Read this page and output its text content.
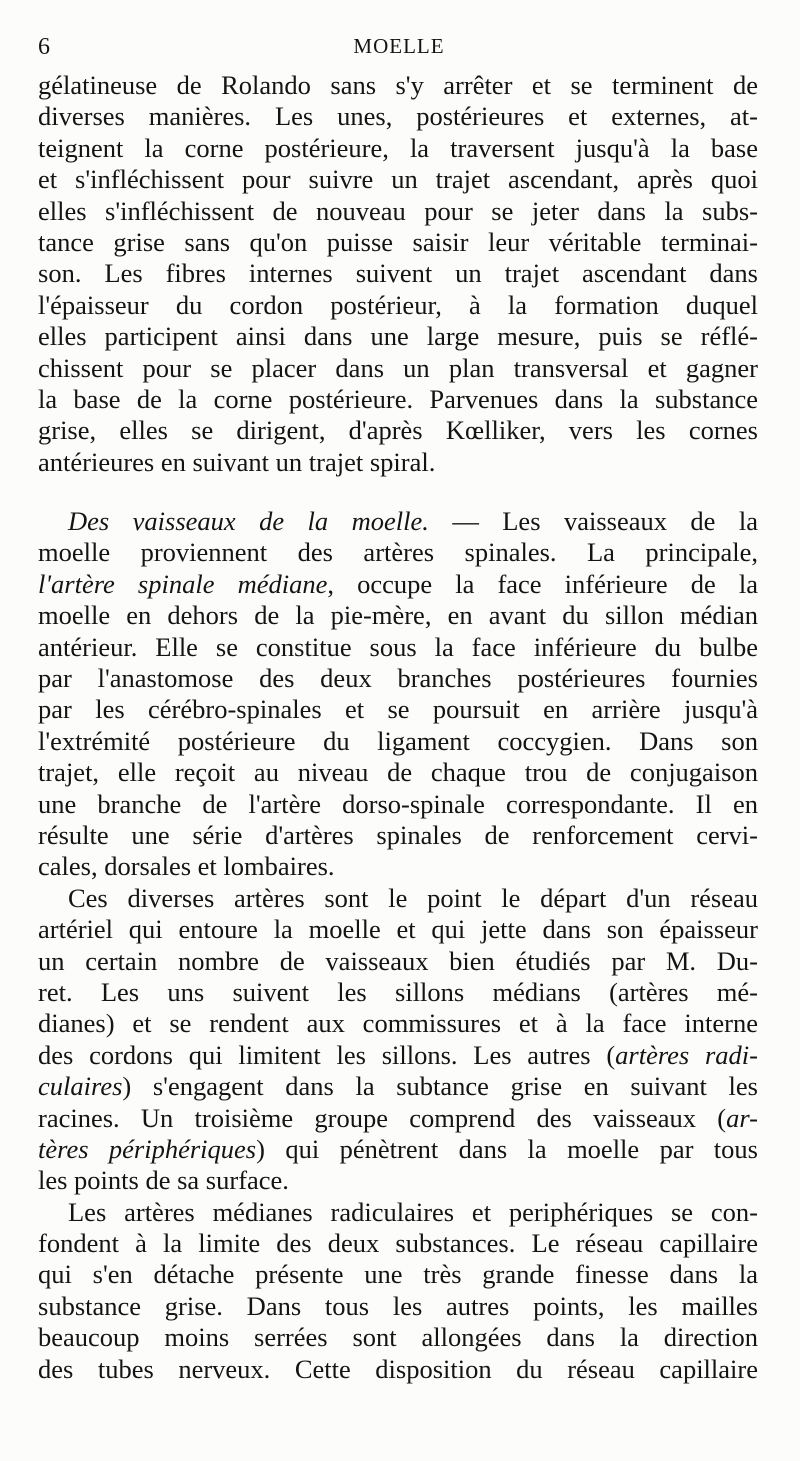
6	MOELLE
gélatineuse de Rolando sans s'y arrêter et se terminent de
diverses manières. Les unes, postérieures et externes, at-
teignent la corne postérieure, la traversent jusqu'à la base
et s'infléchissent pour suivre un trajet ascendant, après quoi
elles s'infléchissent de nouveau pour se jeter dans la subs-
tance grise sans qu'on puisse saisir leur véritable terminai-
son. Les fibres internes suivent un trajet ascendant dans
l'épaisseur du cordon postérieur, à la formation duquel
elles participent ainsi dans une large mesure, puis se réflé-
chissent pour se placer dans un plan transversal et gagner
la base de la corne postérieure. Parvenues dans la substance
grise, elles se dirigent, d'après Kœlliker, vers les cornes
antérieures en suivant un trajet spiral.
Des vaisseaux de la moelle. — Les vaisseaux de la
moelle proviennent des artères spinales. La principale,
l'artère spinale médiane, occupe la face inférieure de la
moelle en dehors de la pie-mère, en avant du sillon médian
antérieur. Elle se constitue sous la face inférieure du bulbe
par l'anastomose des deux branches postérieures fournies
par les cérébro-spinales et se poursuit en arrière jusqu'à
l'extrémité postérieure du ligament coccygien. Dans son
trajet, elle reçoit au niveau de chaque trou de conjugaison
une branche de l'artère dorso-spinale correspondante. Il en
résulte une série d'artères spinales de renforcement cervi-
cales, dorsales et lombaires.
Ces diverses artères sont le point le départ d'un réseau
artériel qui entoure la moelle et qui jette dans son épaisseur
un certain nombre de vaisseaux bien étudiés par M. Du-
ret. Les uns suivent les sillons médians (artères mé-
dianes) et se rendent aux commissures et à la face interne
des cordons qui limitent les sillons. Les autres (artères radi-
culaires) s'engagent dans la subtance grise en suivant les
racines. Un troisième groupe comprend des vaisseaux (ar-
tères périphériques) qui pénètrent dans la moelle par tous
les points de sa surface.
Les artères médianes radiculaires et periphériques se con-
fondent à la limite des deux substances. Le réseau capillaire
qui s'en détache présente une très grande finesse dans la
substance grise. Dans tous les autres points, les mailles
beaucoup moins serrées sont allongées dans la direction
des tubes nerveux. Cette disposition du réseau capillaire
